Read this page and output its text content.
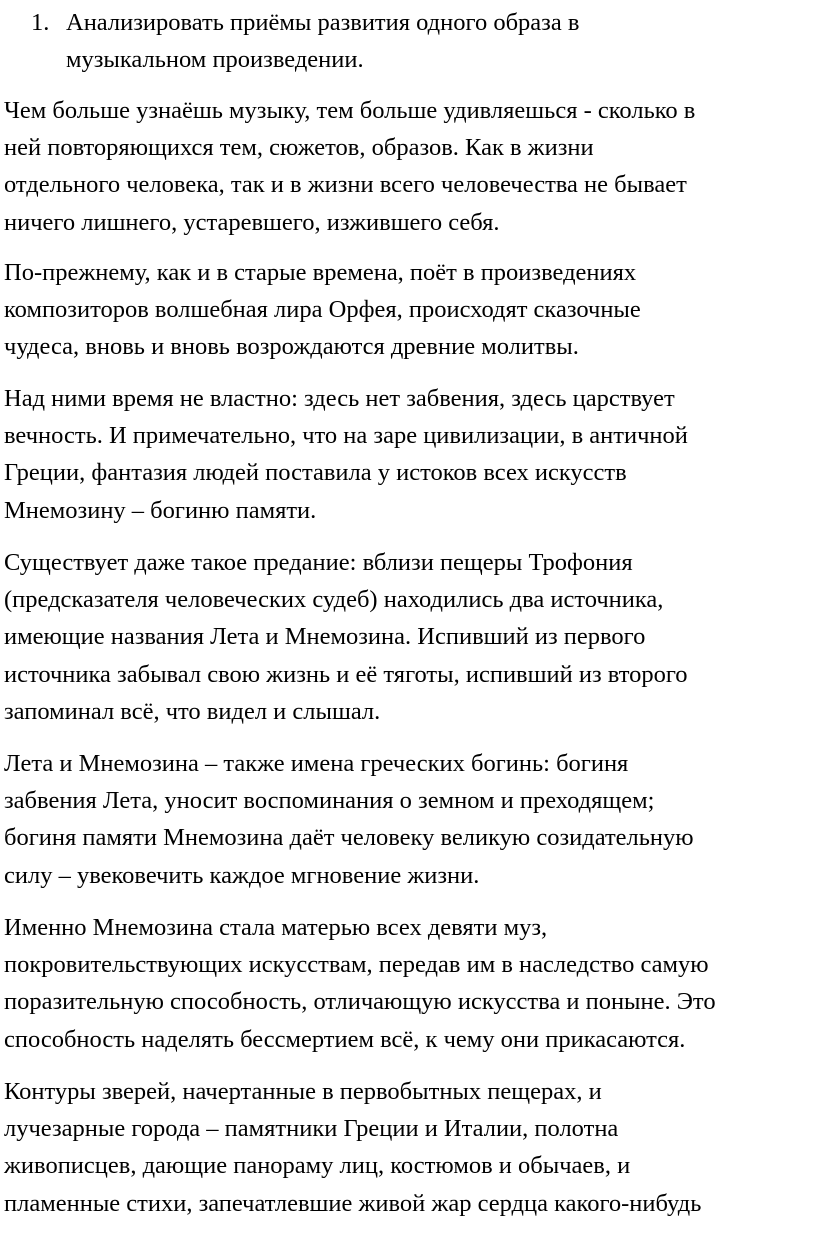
1. Анализировать приёмы развития одного образа в
музыкальном произведении.
Чем больше узнаёшь музыку, тем больше удивляешься - сколько в
ней повторяющихся тем, сюжетов, образов. Как в жизни
отдельного человека, так и в жизни всего человечества не бывает
ничего лишнего, устаревшего, изжившего себя.
По-прежнему, как и в старые времена, поёт в произведениях
композиторов волшебная лира Орфея, происходят сказочные
чудеса, вновь и вновь возрождаются древние молитвы.
Над ними время не властно: здесь нет забвения, здесь царствует
вечность. И примечательно, что на заре цивилизации, в античной
Греции, фантазия людей поставила у истоков всех искусств
Мнемозину – богиню памяти.
Существует даже такое предание: вблизи пещеры Трофония
(предсказателя человеческих судеб) находились два источника,
имеющие названия Лета и Мнемозина. Испивший из первого
источника забывал свою жизнь и её тяготы, испивший из второго
запоминал всё, что видел и слышал.
Лета и Мнемозина – также имена греческих богинь: богиня
забвения Лета, уносит воспоминания о земном и преходящем;
богиня памяти Мнемозина даёт человеку великую созидательную
силу – увековечить каждое мгновение жизни.
Именно Мнемозина стала матерью всех девяти муз,
покровительствующих искусствам, передав им в наследство самую
поразительную способность, отличающую искусства и поныне. Это
способность наделять бессмертием всё, к чему они прикасаются.
Контуры зверей, начертанные в первобытных пещерах, и
лучезарные города – памятники Греции и Италии, полотна
живописцев, дающие панораму лиц, костюмов и обычаев, и
пламенные стихи, запечатлевшие живой жар сердца какого-нибудь
